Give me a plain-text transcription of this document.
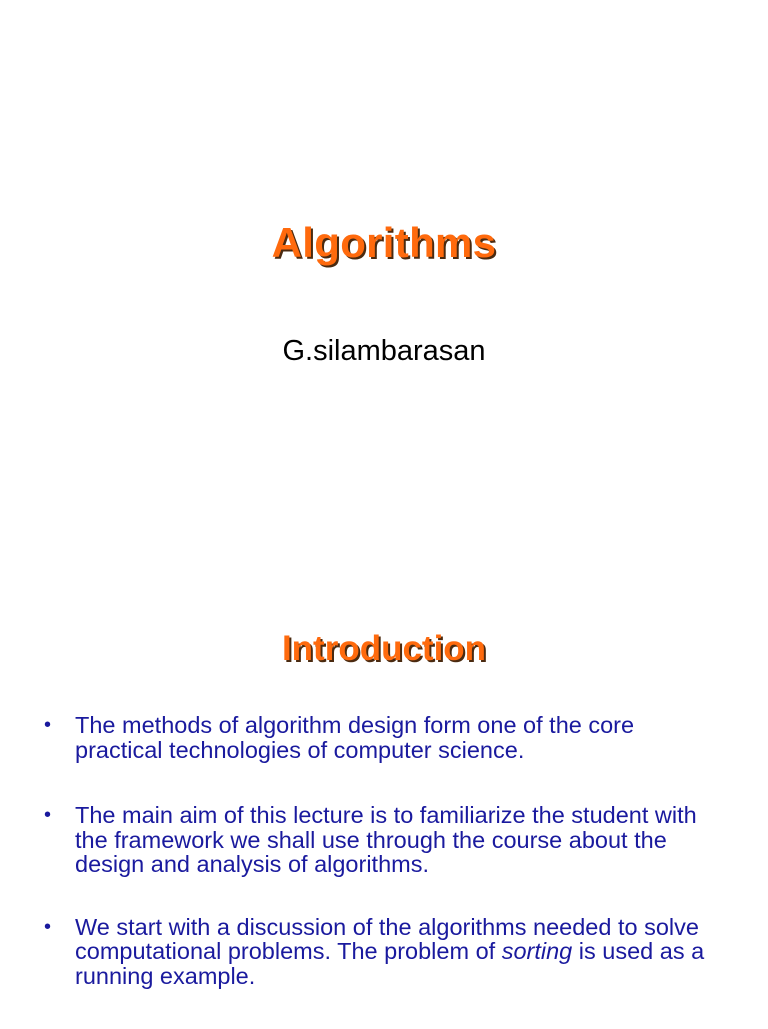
Algorithms
G.silambarasan
Introduction
• The methods of algorithm design form one of the core practical technologies of computer science.
• The main aim of this lecture is to familiarize the student with the framework we shall use through the course about the design and analysis of algorithms.
• We start with a discussion of the algorithms needed to solve computational problems. The problem of sorting is used as a running example.
